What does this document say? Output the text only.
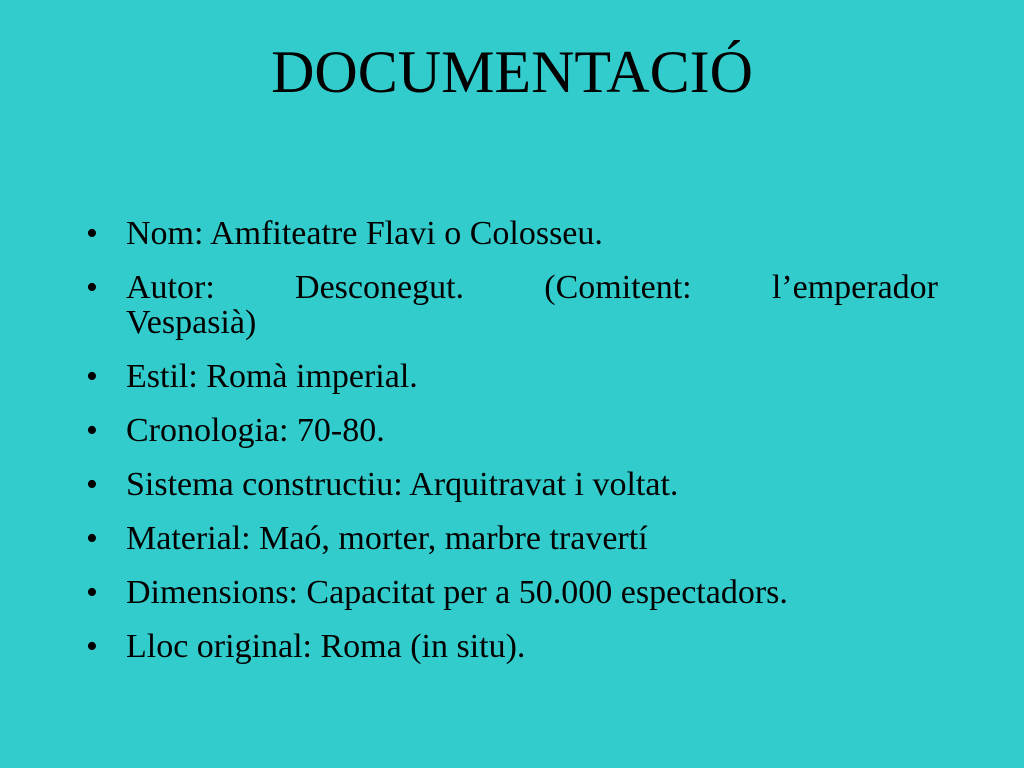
DOCUMENTACIÓ
• Nom: Amfiteatre Flavi o Colosseu.
• Autor: Desconegut. (Comitent: l’emperador
Vespasià)
• Estil: Romà imperial.
• Cronologia: 70-80.
• Sistema constructiu: Arquitravat i voltat.
• Material: Maó, morter, marbre travertí
• Dimensions: Capacitat per a 50.000 espectadors.
• Lloc original: Roma (in situ).
